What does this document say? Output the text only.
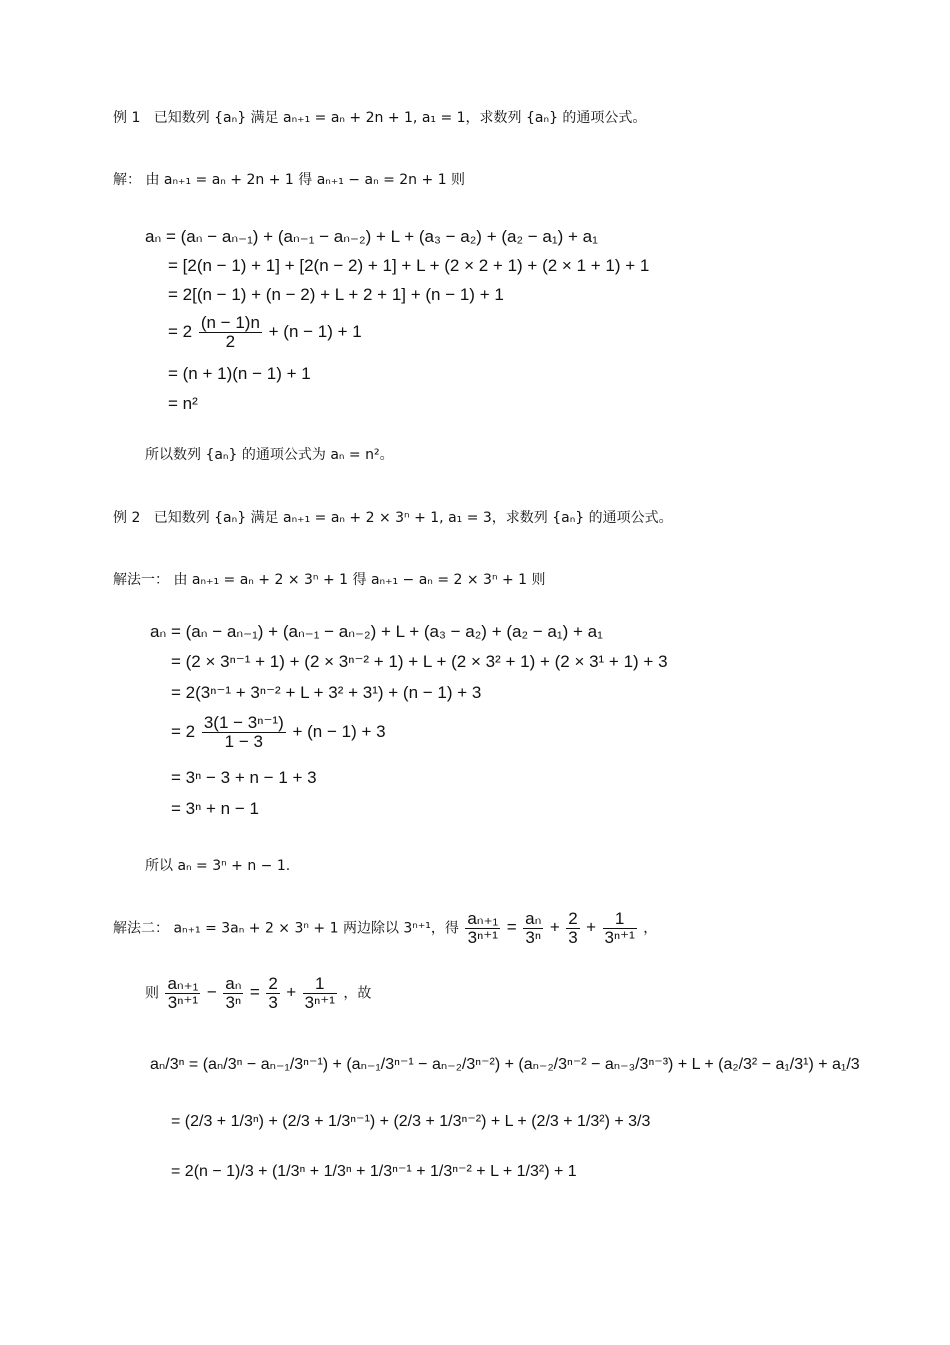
例 1 已知数列 {aₙ} 满足 aₙ₊₁ = aₙ + 2n + 1, a₁ = 1，求数列 {aₙ} 的通项公式。
解： 由 aₙ₊₁ = aₙ + 2n + 1 得 aₙ₊₁ − aₙ = 2n + 1 则
aₙ = (aₙ − aₙ₋₁) + (aₙ₋₁ − aₙ₋₂) + L + (a₃ − a₂) + (a₂ − a₁) + a₁
= [2(n − 1) + 1] + [2(n − 2) + 1] + L + (2 × 2 + 1) + (2 × 1 + 1) + 1
= 2[(n − 1) + (n − 2) + L + 2 + 1] + (n − 1) + 1
= $2 \frac{(n - 1)n}{2} + (n - 1) + 1$
= (n + 1)(n − 1) + 1
= n²
所以数列 {aₙ} 的通项公式为 aₙ = n²。
例 2 已知数列 {aₙ} 满足 aₙ₊₁ = aₙ + 2 × 3ⁿ + 1, a₁ = 3，求数列 {aₙ} 的通项公式。
解法一： 由 aₙ₊₁ = aₙ + 2 × 3ⁿ + 1 得 aₙ₊₁ − aₙ = 2 × 3ⁿ + 1 则
aₙ = (aₙ − aₙ₋₁) + (aₙ₋₁ − aₙ₋₂) + L + (a₃ − a₂) + (a₂ − a₁) + a₁
= (2 × 3ⁿ⁻¹ + 1) + (2 × 3ⁿ⁻² + 1) + L + (2 × 3² + 1) + (2 × 3¹ + 1) + 3
= 2(3ⁿ⁻¹ + 3ⁿ⁻² + L + 3² + 3¹) + (n − 1) + 3
= $2 \frac{\text{3(1 − 3ⁿ⁻¹)}}{1 - 3} + (n - 1) + 3$
= 3ⁿ − 3 + n − 1 + 3
= 3ⁿ + n − 1
所以 aₙ = 3ⁿ + n − 1.
解法二： aₙ₊₁ = 3aₙ + 2 × 3ⁿ + 1 两边除以 3ⁿ⁺¹，得 $\frac{\text{aₙ₊₁}}{\text{3ⁿ⁺¹}} = \frac{\text{aₙ}}{\text{3ⁿ}} + \frac{2}{3} + \frac{1}{\text{3ⁿ⁺¹}}$ ，
则 $\frac{\text{aₙ₊₁}}{\text{3ⁿ⁺¹}} - \frac{\text{aₙ}}{\text{3ⁿ}} = \frac{2}{3} + \frac{1}{\text{3ⁿ⁺¹}}$ ，故
aₙ/3ⁿ = (aₙ/3ⁿ − aₙ₋₁/3ⁿ⁻¹) + (aₙ₋₁/3ⁿ⁻¹ − aₙ₋₂/3ⁿ⁻²) + (aₙ₋₂/3ⁿ⁻² − aₙ₋₃/3ⁿ⁻³) + L + (a₂/3² − a₁/3¹) + a₁/3
= (2/3 + 1/3ⁿ) + (2/3 + 1/3ⁿ⁻¹) + (2/3 + 1/3ⁿ⁻²) + L + (2/3 + 1/3²) + 3/3
= 2(n − 1)/3 + (1/3ⁿ + 1/3ⁿ + 1/3ⁿ⁻¹ + 1/3ⁿ⁻² + L + 1/3²) + 1
